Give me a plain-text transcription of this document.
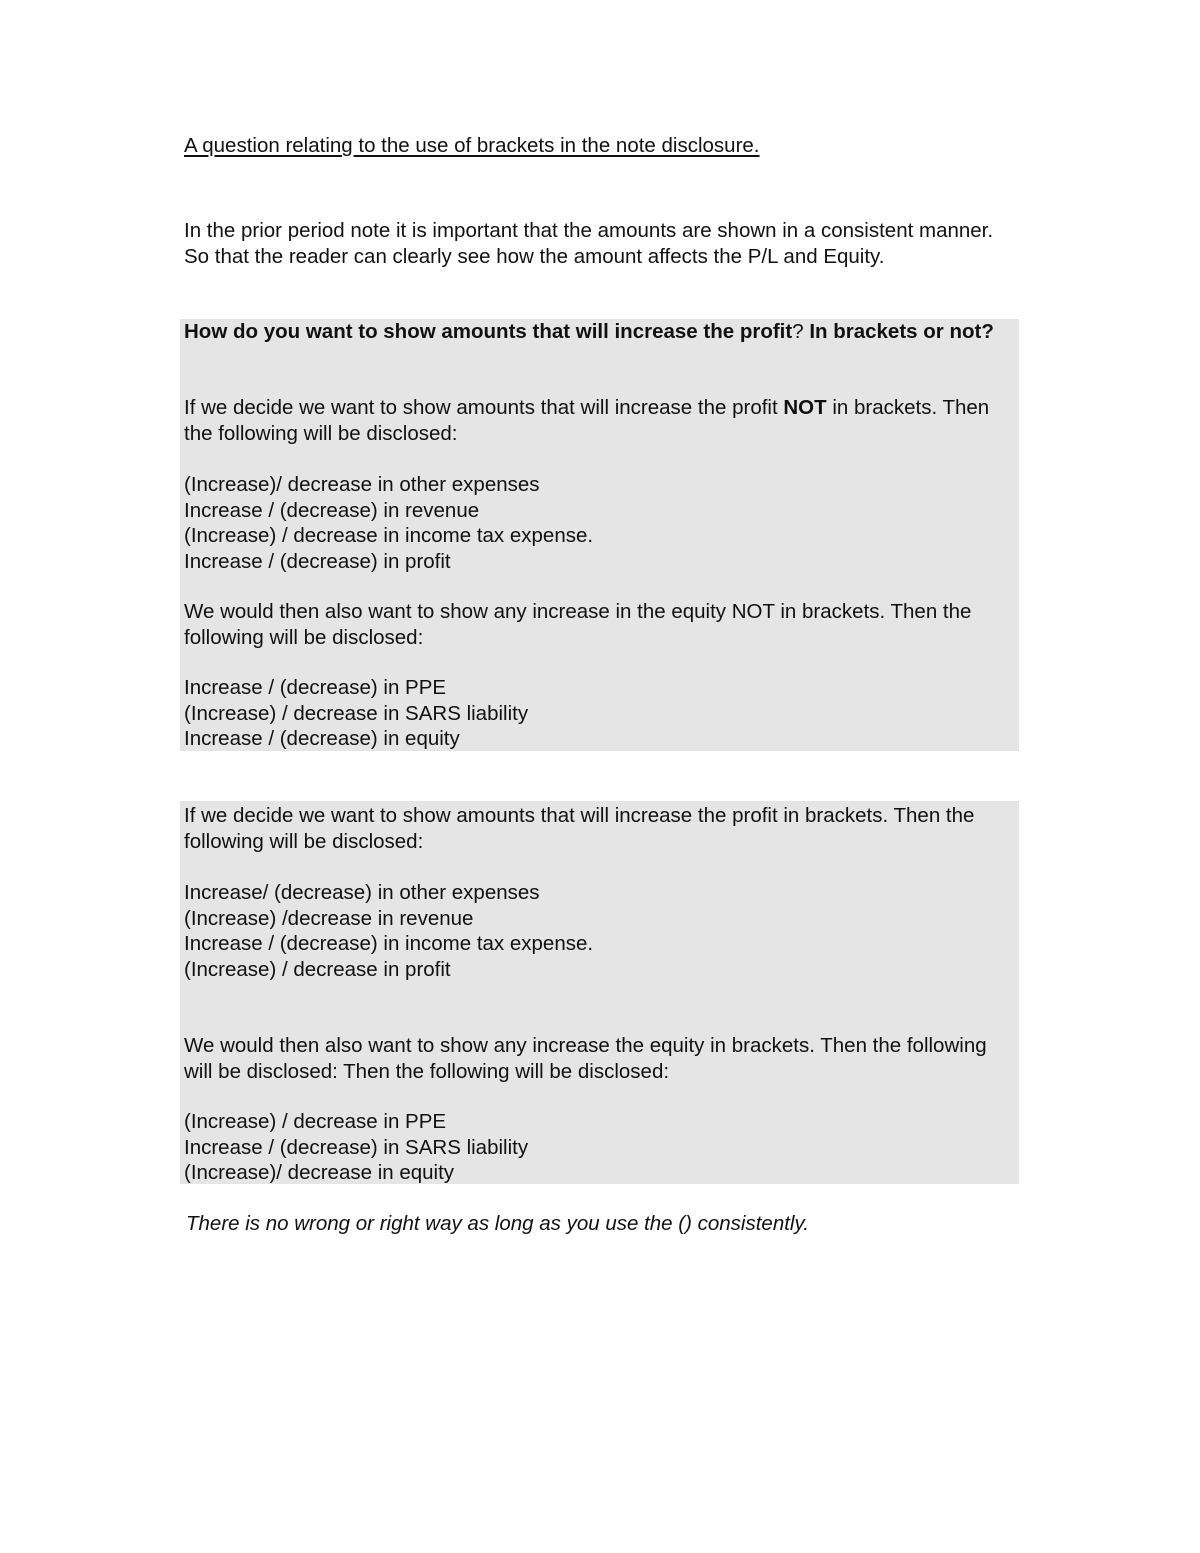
A question relating to the use of brackets in the note disclosure.

In the prior period note it is important that the amounts are shown in a consistent manner. So that the reader can clearly see how the amount affects the P/L and Equity.

How do you want to show amounts that will increase the profit? In brackets or not?

If we decide we want to show amounts that will increase the profit NOT in brackets. Then the following will be disclosed:

(Increase)/ decrease in other expenses
Increase / (decrease) in revenue
(Increase) / decrease in income tax expense.
Increase / (decrease) in profit

We would then also want to show any increase in the equity NOT in brackets. Then the following will be disclosed:

Increase / (decrease) in PPE
(Increase) / decrease in SARS liability
Increase / (decrease) in equity

If we decide we want to show amounts that will increase the profit in brackets. Then the following will be disclosed:

Increase/ (decrease) in other expenses
(Increase) /decrease in revenue
Increase / (decrease) in income tax expense.
(Increase) / decrease in profit

We would then also want to show any increase the equity in brackets. Then the following will be disclosed: Then the following will be disclosed:

(Increase) / decrease in PPE
Increase / (decrease) in SARS liability
(Increase)/ decrease in equity

There is no wrong or right way as long as you use the () consistently.
